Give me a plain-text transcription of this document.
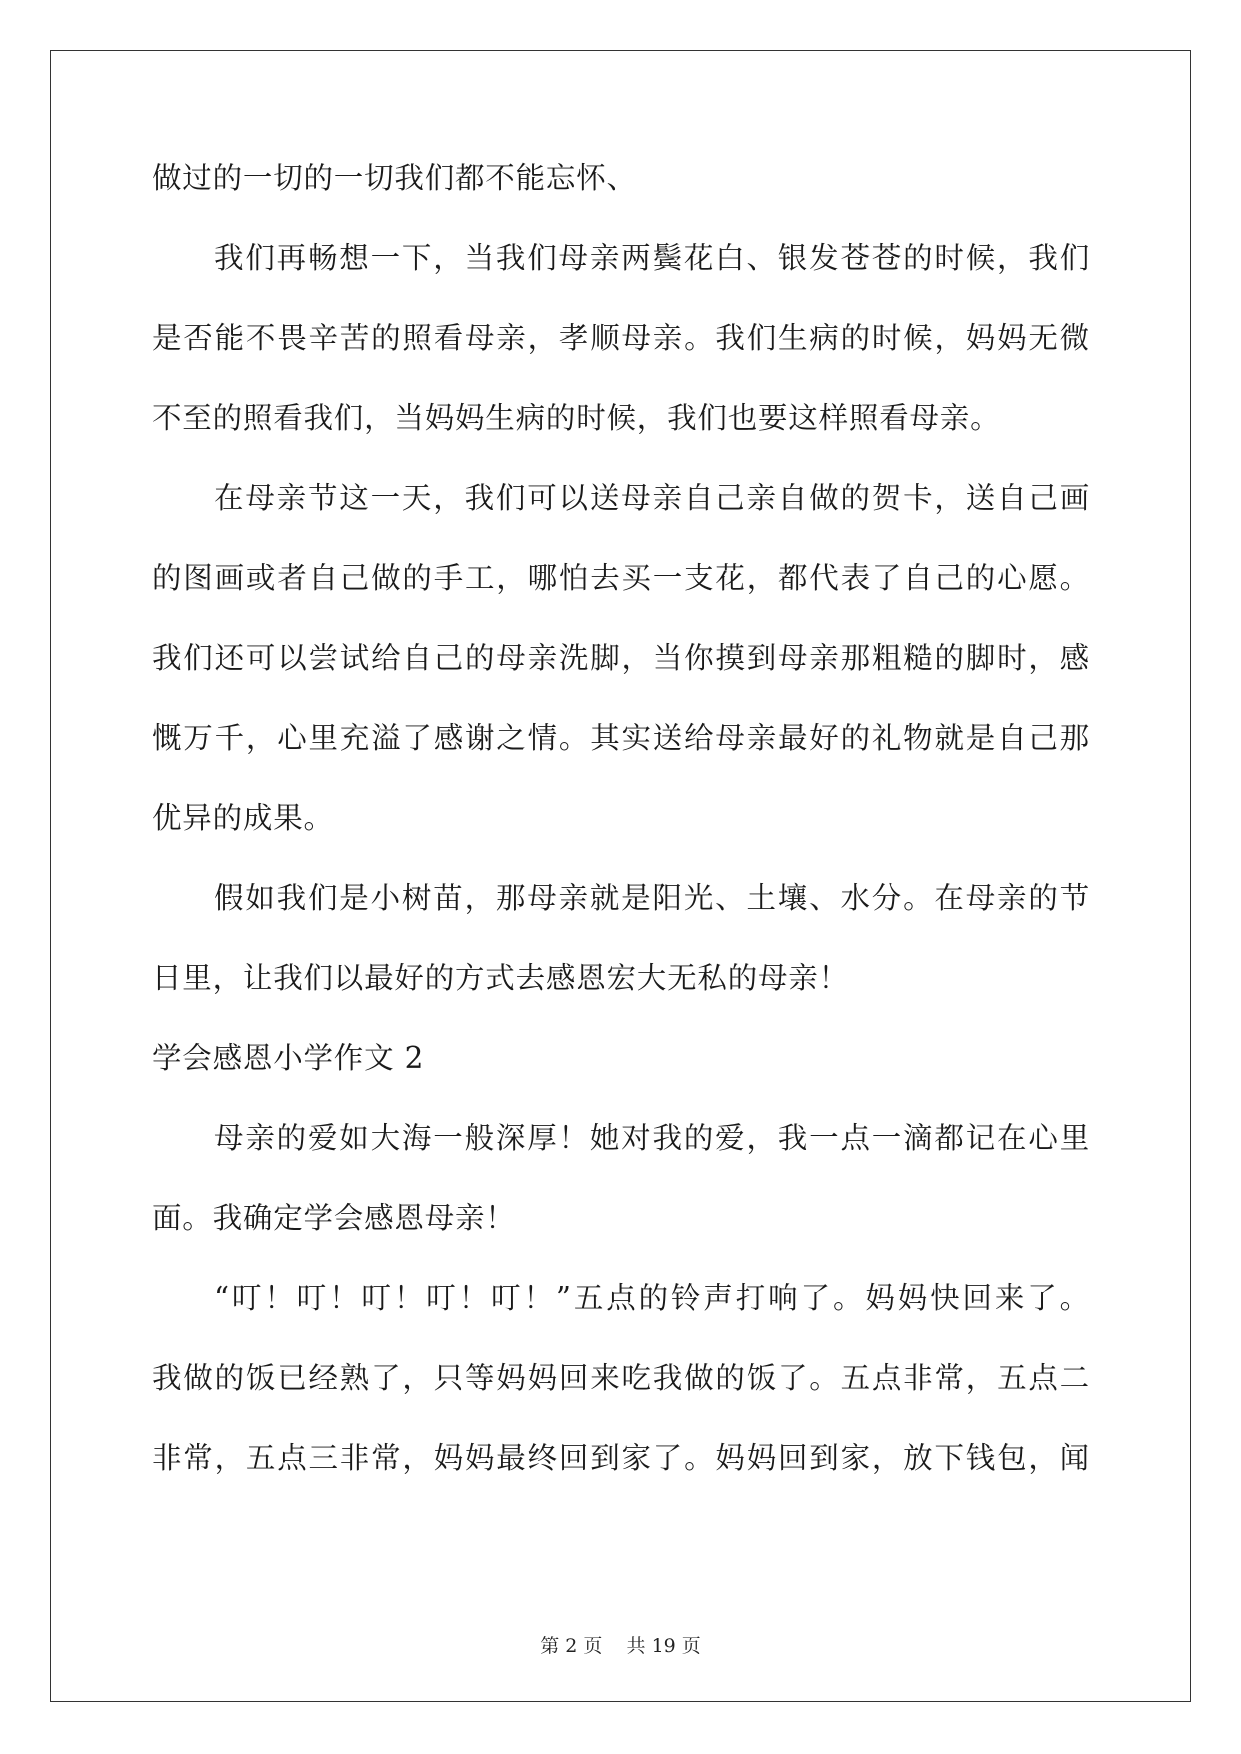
做过的一切的一切我们都不能忘怀、
我们再畅想一下，当我们母亲两鬓花白、银发苍苍的时候，我们
是否能不畏辛苦的照看母亲，孝顺母亲。我们生病的时候，妈妈无微
不至的照看我们，当妈妈生病的时候，我们也要这样照看母亲。
在母亲节这一天，我们可以送母亲自己亲自做的贺卡，送自己画
的图画或者自己做的手工，哪怕去买一支花，都代表了自己的心愿。
我们还可以尝试给自己的母亲洗脚，当你摸到母亲那粗糙的脚时，感
慨万千，心里充溢了感谢之情。其实送给母亲最好的礼物就是自己那
优异的成果。
假如我们是小树苗，那母亲就是阳光、土壤、水分。在母亲的节
日里，让我们以最好的方式去感恩宏大无私的母亲！
学会感恩小学作文 2
母亲的爱如大海一般深厚！她对我的爱，我一点一滴都记在心里
面。我确定学会感恩母亲！
“叮！叮！叮！叮！叮！”五点的铃声打响了。妈妈快回来了。
我做的饭已经熟了，只等妈妈回来吃我做的饭了。五点非常，五点二
非常，五点三非常，妈妈最终回到家了。妈妈回到家，放下钱包，闻
第 2 页 共 19 页
